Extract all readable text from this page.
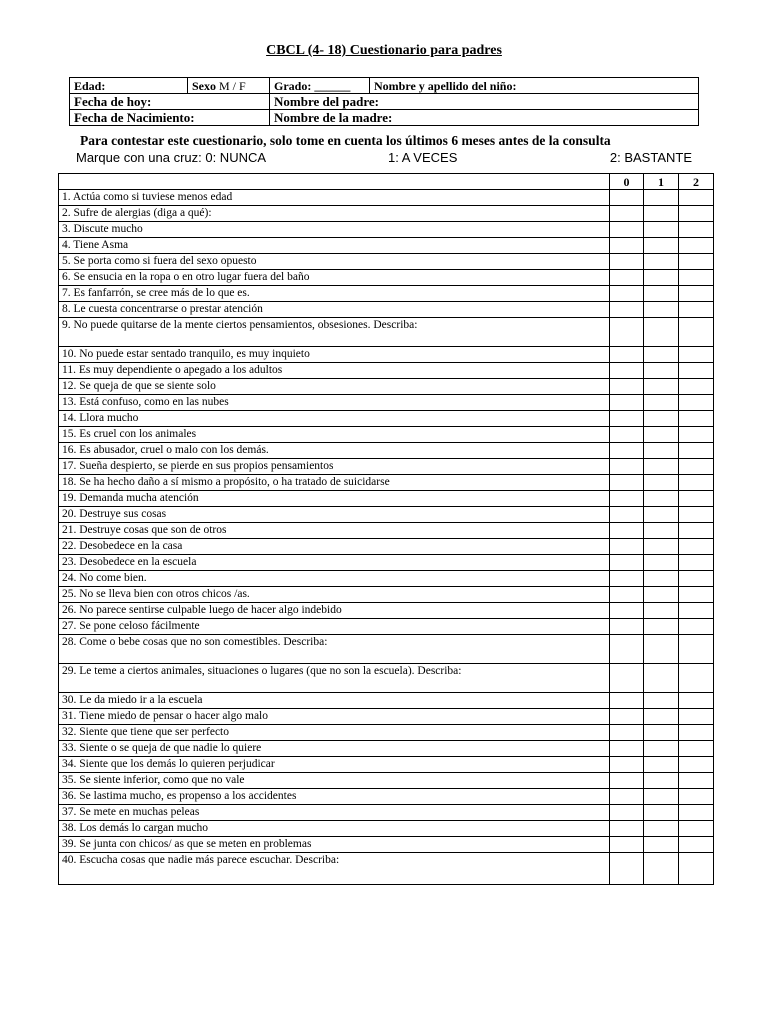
CBCL (4- 18) Cuestionario para padres
Edad:	Sexo M / F	Grado: ______	Nombre y apellido del niño:
Fecha de hoy:		Nombre del padre:	
Fecha de Nacimiento:		Nombre de la madre:	
Para contestar este cuestionario, solo tome en cuenta los últimos 6 meses antes de la consulta
Marque con una cruz: 0: NUNCA	1: A VECES	2: BASTANTE
	0	1	2
1. Actúa como si tuviese menos edad			
2. Sufre de alergias (diga a qué):			
3. Discute mucho			
4. Tiene Asma			
5. Se porta como si fuera del sexo opuesto			
6. Se ensucia en la ropa o en otro lugar fuera del baño			
7. Es fanfarrón, se cree más de lo que es.			
8. Le cuesta concentrarse o prestar atención			
9. No puede quitarse de la mente ciertos pensamientos, obsesiones. Describa:			
10. No puede estar sentado tranquilo, es muy inquieto			
11. Es muy dependiente o apegado a los adultos			
12. Se queja de que se siente solo			
13. Está confuso, como en las nubes			
14. Llora mucho			
15. Es cruel con los animales			
16. Es abusador, cruel o malo con los demás.			
17. Sueña despierto, se pierde en sus propios pensamientos			
18. Se ha hecho daño a sí mismo a propósito, o ha tratado de suicidarse			
19. Demanda mucha atención			
20. Destruye sus cosas			
21. Destruye cosas que son de otros			
22. Desobedece en la casa			
23. Desobedece en la escuela			
24. No come bien.			
25. No se lleva bien con otros chicos /as.			
26. No parece sentirse culpable luego de hacer algo indebido			
27. Se pone celoso fácilmente			
28. Come o bebe cosas que no son comestibles. Describa:			
29. Le teme a ciertos animales, situaciones o lugares (que no son la escuela). Describa:			
30. Le da miedo ir a la escuela			
31. Tiene miedo de pensar o hacer algo malo			
32. Siente que tiene que ser perfecto			
33. Siente o se queja de que nadie lo quiere			
34. Siente que los demás lo quieren perjudicar			
35. Se siente inferior, como que no vale			
36. Se lastima mucho, es propenso a los accidentes			
37. Se mete en muchas peleas			
38. Los demás lo cargan mucho			
39. Se junta con chicos/ as que se meten en problemas			
40. Escucha cosas que nadie más parece escuchar. Describa:			
